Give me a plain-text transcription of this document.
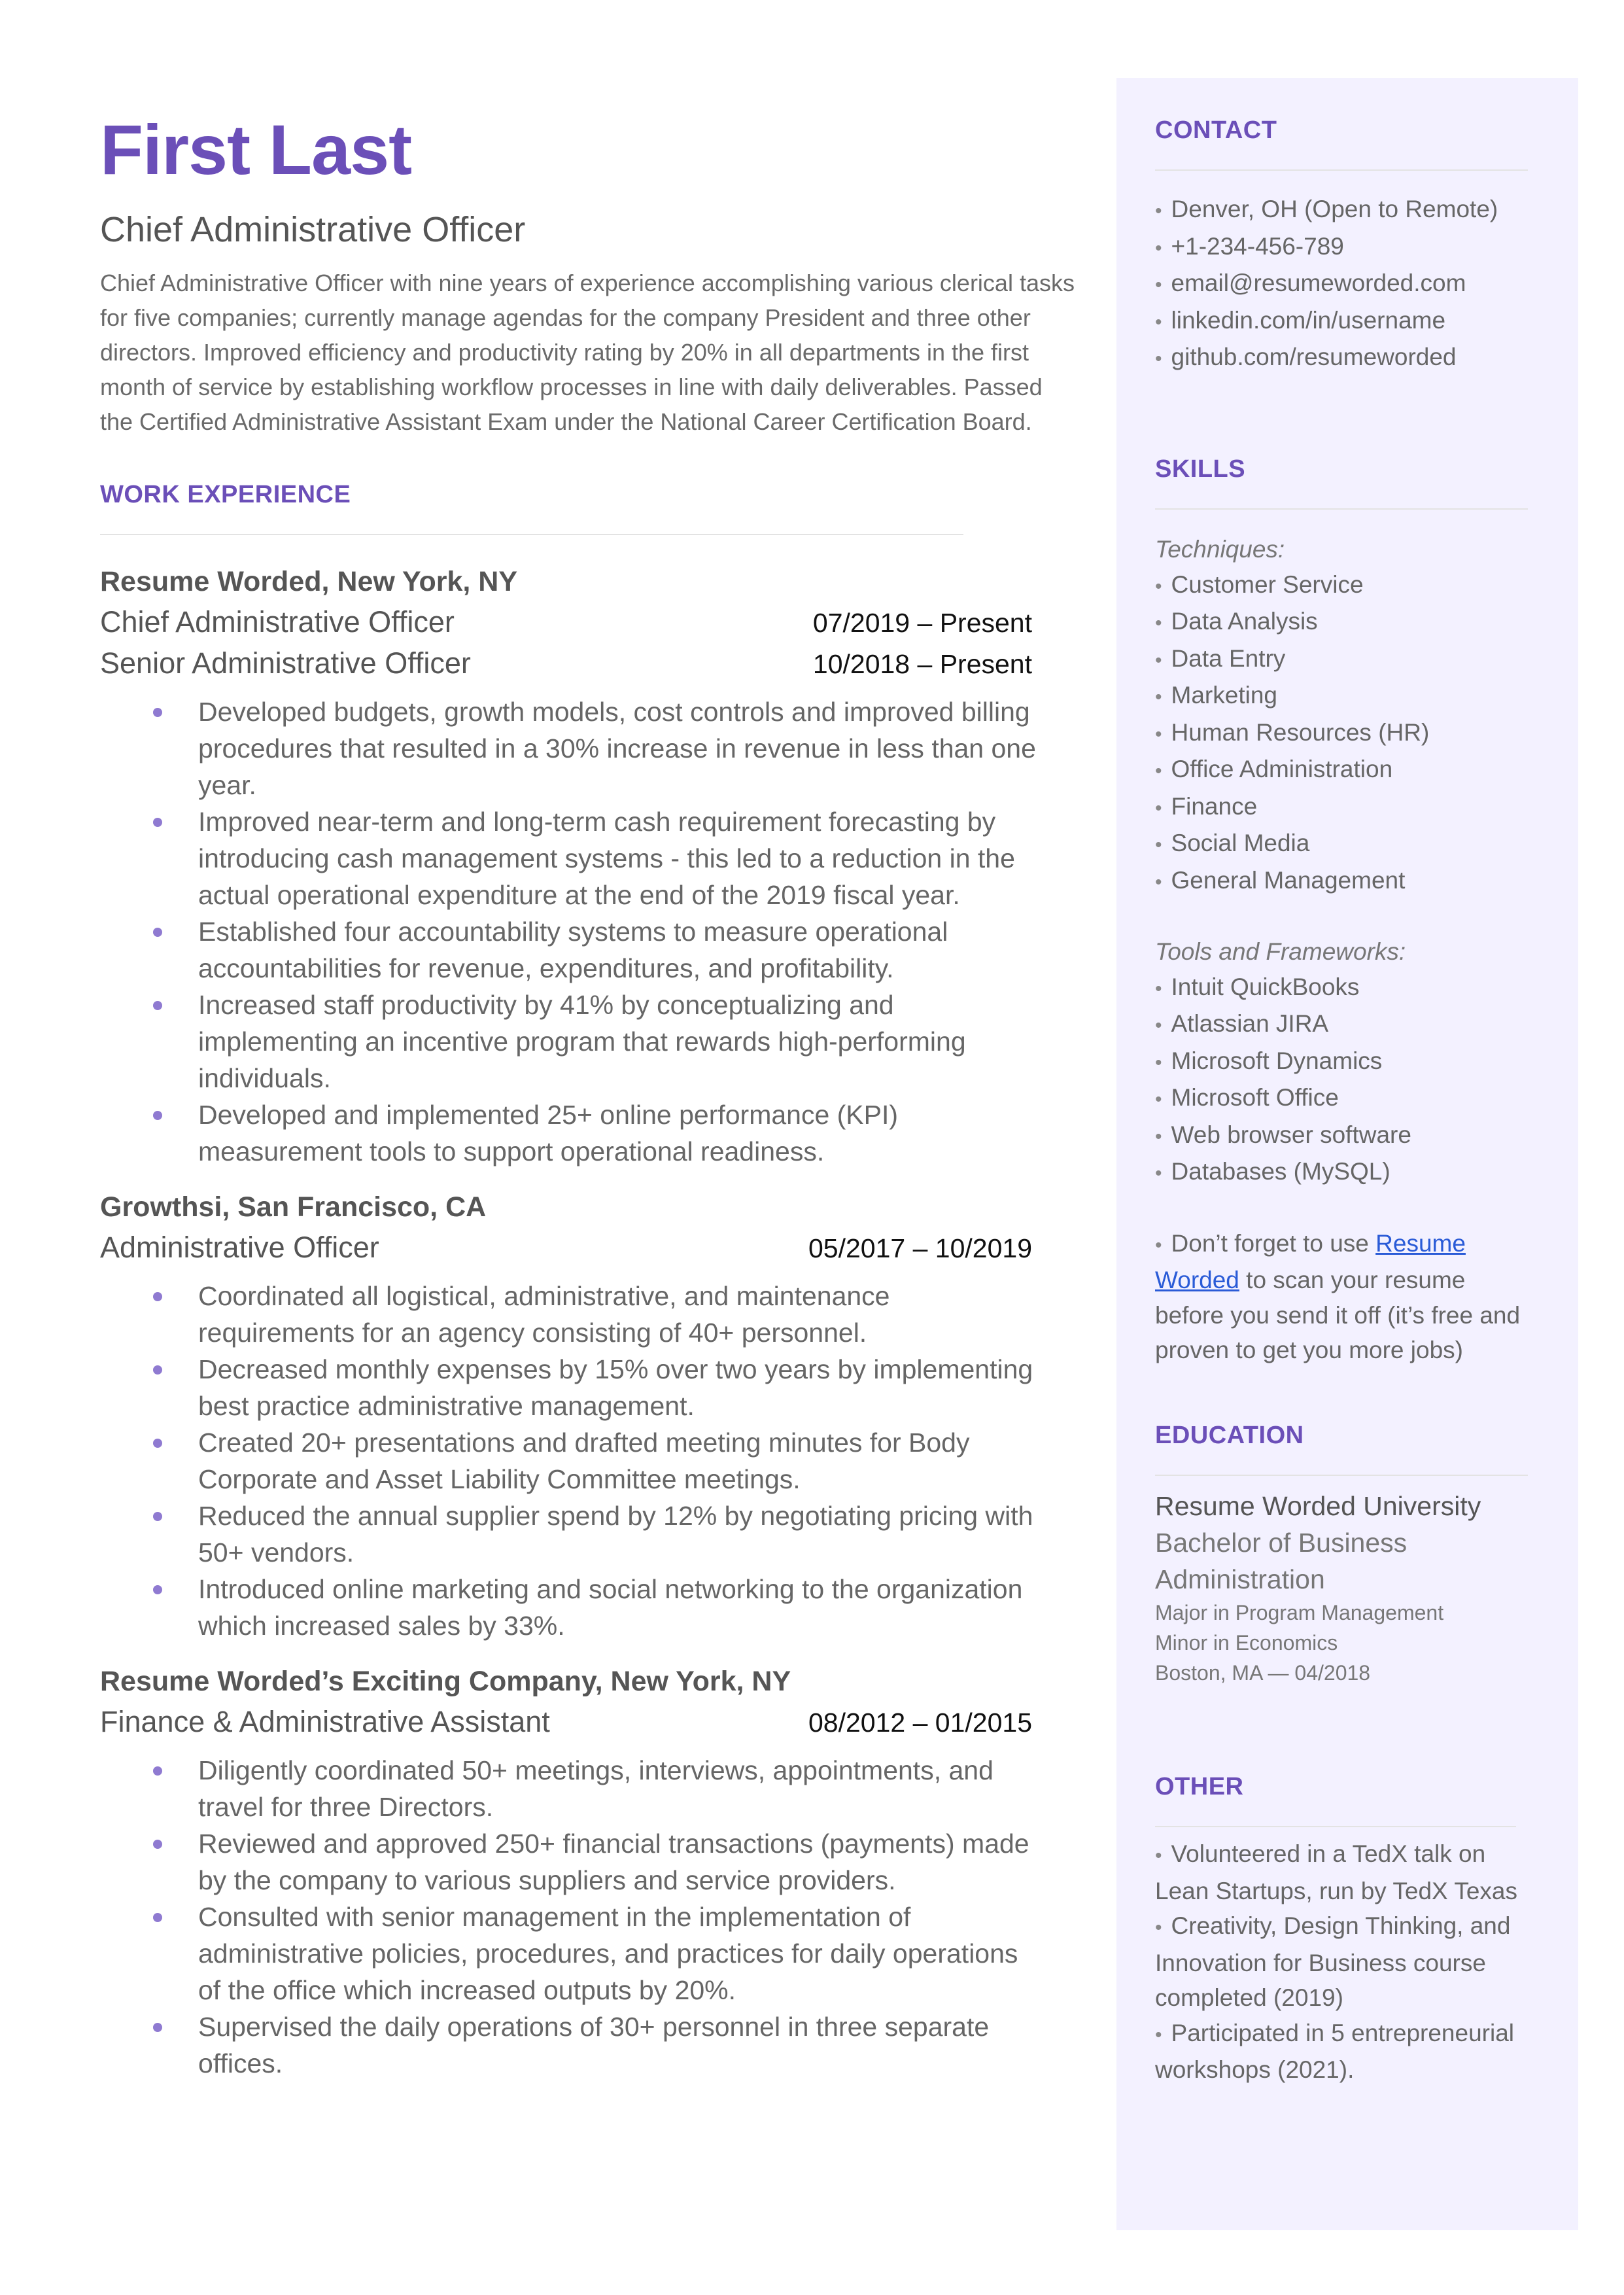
First Last
Chief Administrative Officer
Chief Administrative Officer with nine years of experience accomplishing various clerical tasks for five companies; currently manage agendas for the company President and three other directors. Improved efficiency and productivity rating by 20% in all departments in the first month of service by establishing workflow processes in line with daily deliverables. Passed the Certified Administrative Assistant Exam under the National Career Certification Board.
WORK EXPERIENCE
Resume Worded, New York, NY
Chief Administrative Officer	07/2019 – Present
Senior Administrative Officer	10/2018 – Present
Developed budgets, growth models, cost controls and improved billing procedures that resulted in a 30% increase in revenue in less than one year.
Improved near-term and long-term cash requirement forecasting by introducing cash management systems - this led to a reduction in the actual operational expenditure at the end of the 2019 fiscal year.
Established four accountability systems to measure operational accountabilities for revenue, expenditures, and profitability.
Increased staff productivity by 41% by conceptualizing and implementing an incentive program that rewards high-performing individuals.
Developed and implemented 25+ online performance (KPI) measurement tools to support operational readiness.
Growthsi, San Francisco, CA
Administrative Officer	05/2017 – 10/2019
Coordinated all logistical, administrative, and maintenance requirements for an agency consisting of 40+ personnel.
Decreased monthly expenses by 15% over two years by implementing best practice administrative management.
Created 20+ presentations and drafted meeting minutes for Body Corporate and Asset Liability Committee meetings.
Reduced the annual supplier spend by 12% by negotiating pricing with 50+ vendors.
Introduced online marketing and social networking to the organization which increased sales by 33%.
Resume Worded’s Exciting Company, New York, NY
Finance & Administrative Assistant	08/2012 – 01/2015
Diligently coordinated 50+ meetings, interviews, appointments, and travel for three Directors.
Reviewed and approved 250+ financial transactions (payments) made by the company to various suppliers and service providers.
Consulted with senior management in the implementation of administrative policies, procedures, and practices for daily operations of the office which increased outputs by 20%.
Supervised the daily operations of 30+ personnel in three separate offices.
CONTACT
• Denver, OH (Open to Remote)
• +1-234-456-789
• email@resumeworded.com
• linkedin.com/in/username
• github.com/resumeworded
SKILLS
Techniques:
• Customer Service
• Data Analysis
• Data Entry
• Marketing
• Human Resources (HR)
• Office Administration
• Finance
• Social Media
• General Management
Tools and Frameworks:
• Intuit QuickBooks
• Atlassian JIRA
• Microsoft Dynamics
• Microsoft Office
• Web browser software
• Databases (MySQL)
• Don’t forget to use Resume Worded to scan your resume before you send it off (it’s free and proven to get you more jobs)
EDUCATION
Resume Worded University
Bachelor of Business Administration
Major in Program Management
Minor in Economics
Boston, MA — 04/2018
OTHER
• Volunteered in a TedX talk on Lean Startups, run by TedX Texas
• Creativity, Design Thinking, and Innovation for Business course completed (2019)
• Participated in 5 entrepreneurial workshops (2021).
